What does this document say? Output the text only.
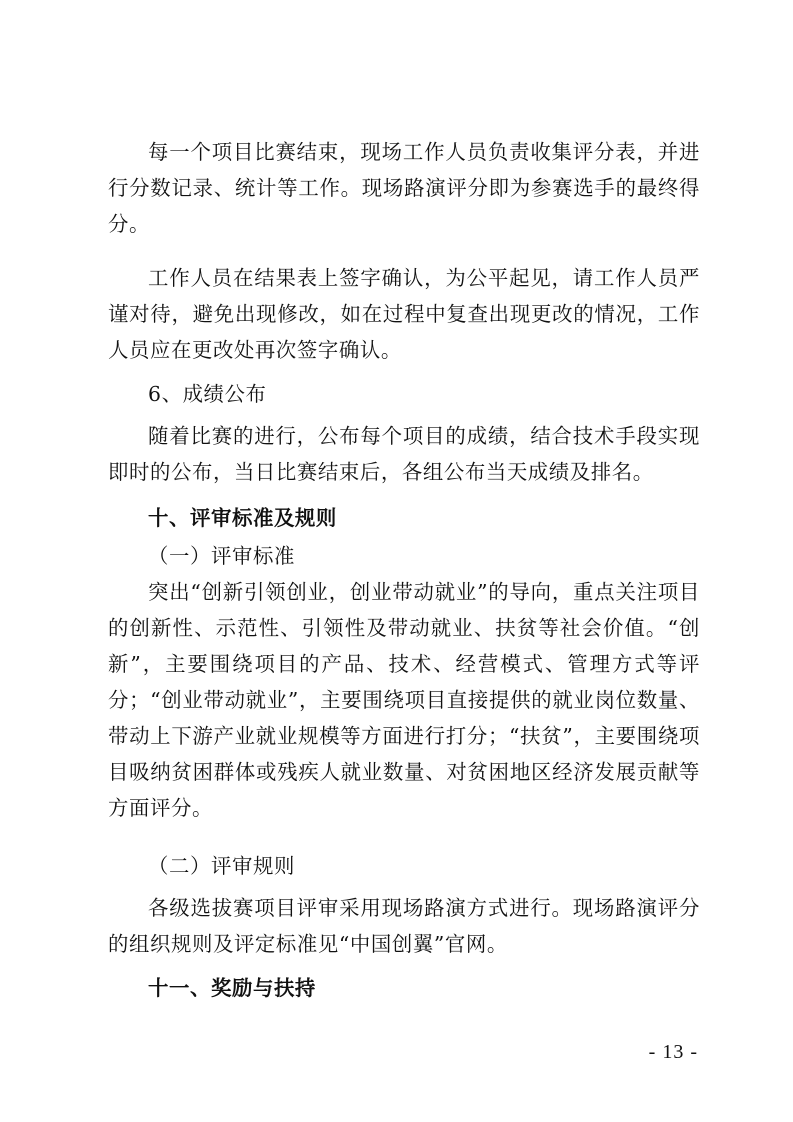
每一个项目比赛结束，现场工作人员负责收集评分表，并进行分数记录、统计等工作。现场路演评分即为参赛选手的最终得分。

工作人员在结果表上签字确认，为公平起见，请工作人员严谨对待，避免出现修改，如在过程中复查出现更改的情况，工作人员应在更改处再次签字确认。

6、成绩公布

随着比赛的进行，公布每个项目的成绩，结合技术手段实现即时的公布，当日比赛结束后，各组公布当天成绩及排名。

十、评审标准及规则

（一）评审标准

突出“创新引领创业，创业带动就业”的导向，重点关注项目的创新性、示范性、引领性及带动就业、扶贫等社会价值。“创新”，主要围绕项目的产品、技术、经营模式、管理方式等评分；“创业带动就业”，主要围绕项目直接提供的就业岗位数量、带动上下游产业就业规模等方面进行打分；“扶贫”，主要围绕项目吸纳贫困群体或残疾人就业数量、对贫困地区经济发展贡献等方面评分。

（二）评审规则

各级选拔赛项目评审采用现场路演方式进行。现场路演评分的组织规则及评定标准见“中国创翼”官网。

十一、奖励与扶持

- 13 -
